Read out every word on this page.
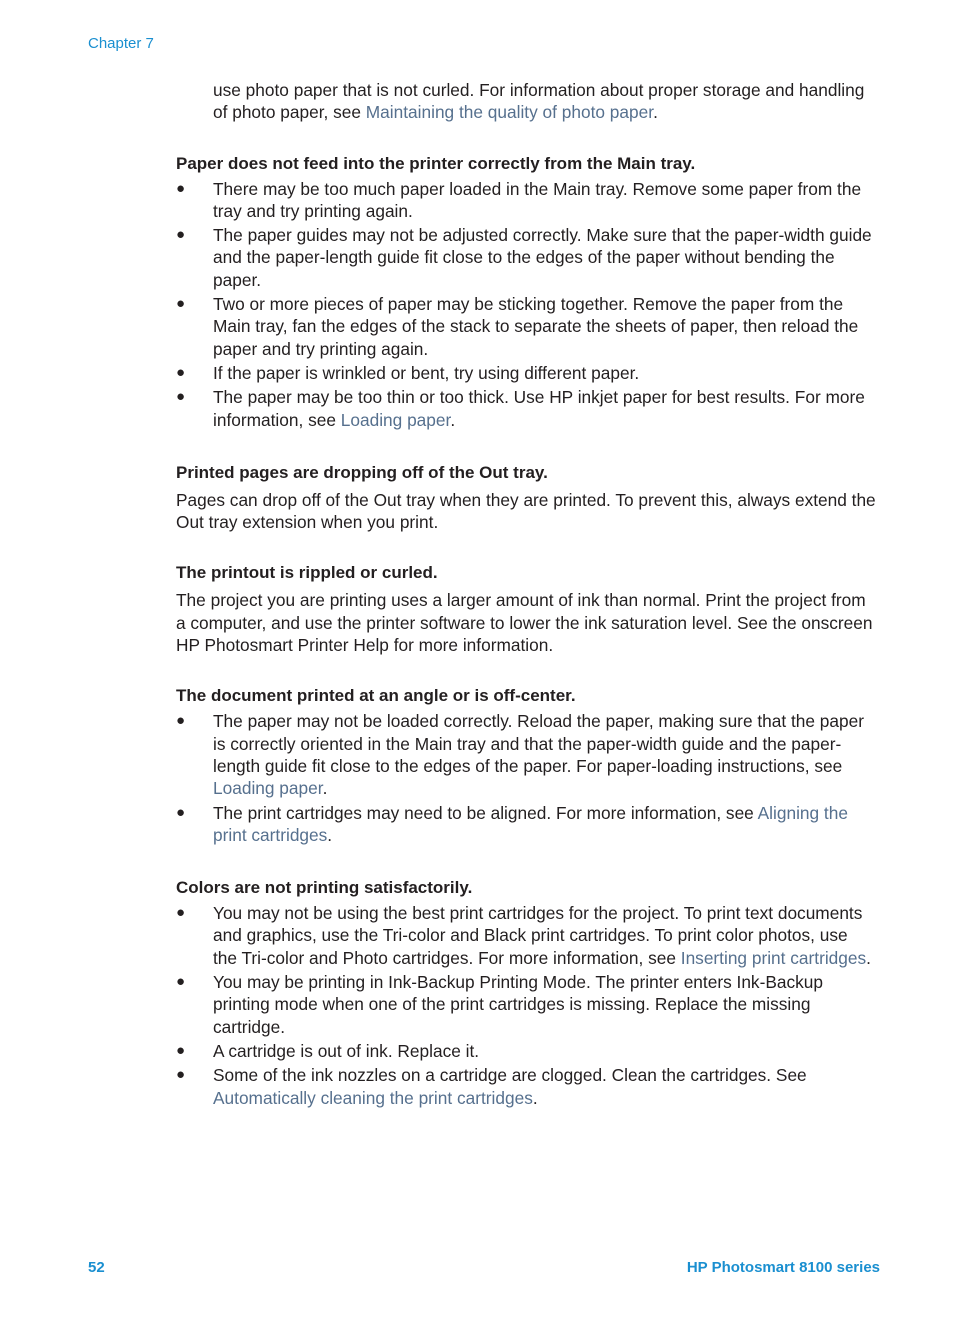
Chapter 7

use photo paper that is not curled. For information about proper storage and handling of photo paper, see Maintaining the quality of photo paper.

Paper does not feed into the printer correctly from the Main tray.
● There may be too much paper loaded in the Main tray. Remove some paper from the tray and try printing again.
● The paper guides may not be adjusted correctly. Make sure that the paper-width guide and the paper-length guide fit close to the edges of the paper without bending the paper.
● Two or more pieces of paper may be sticking together. Remove the paper from the Main tray, fan the edges of the stack to separate the sheets of paper, then reload the paper and try printing again.
● If the paper is wrinkled or bent, try using different paper.
● The paper may be too thin or too thick. Use HP inkjet paper for best results. For more information, see Loading paper.
Printed pages are dropping off of the Out tray.

Pages can drop off of the Out tray when they are printed. To prevent this, always extend the Out tray extension when you print.

The printout is rippled or curled.

The project you are printing uses a larger amount of ink than normal. Print the project from a computer, and use the printer software to lower the ink saturation level. See the onscreen HP Photosmart Printer Help for more information.

The document printed at an angle or is off-center.
● The paper may not be loaded correctly. Reload the paper, making sure that the paper is correctly oriented in the Main tray and that the paper-width guide and the paper-length guide fit close to the edges of the paper. For paper-loading instructions, see Loading paper.
● The print cartridges may need to be aligned. For more information, see Aligning the print cartridges.
Colors are not printing satisfactorily.
● You may not be using the best print cartridges for the project. To print text documents and graphics, use the Tri-color and Black print cartridges. To print color photos, use the Tri-color and Photo cartridges. For more information, see Inserting print cartridges.
● You may be printing in Ink-Backup Printing Mode. The printer enters Ink-Backup printing mode when one of the print cartridges is missing. Replace the missing cartridge.
● A cartridge is out of ink. Replace it.
● Some of the ink nozzles on a cartridge are clogged. Clean the cartridges. See Automatically cleaning the print cartridges.
52	HP Photosmart 8100 series
